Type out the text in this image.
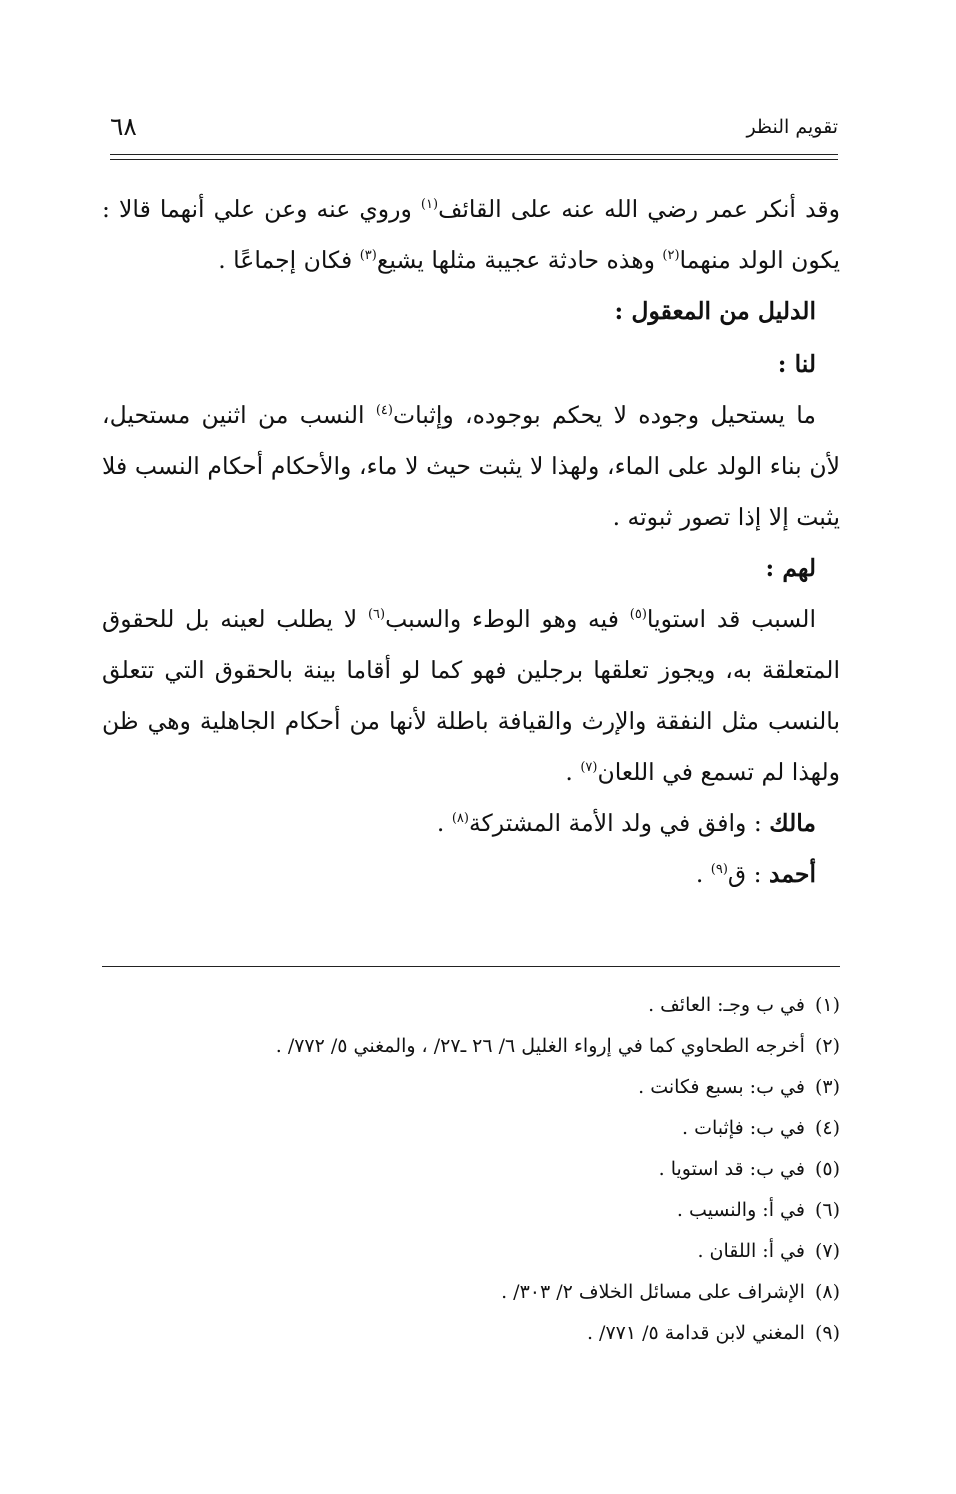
تقويم النظر
٦٨

وقد أنكر عمر رضي الله عنه على القائف$^{(١)}$ وروي عنه وعن علي أنهما قالا : يكون الولد منهما$^{(٢)}$ وهذه حادثة عجيبة مثلها يشيع$^{(٣)}$ فكان إجماعًا .

الدليل من المعقول :

لنا :

ما يستحيل وجوده لا يحكم بوجوده، وإثبات$^{(٤)}$ النسب من اثنين مستحيل، لأن بناء الولد على الماء، ولهذا لا يثبت حيث لا ماء، والأحكام أحكام النسب فلا يثبت إلا إذا تصور ثبوته .

لهم :

السبب قد استويا$^{(٥)}$ فيه وهو الوطء والسبب$^{(٦)}$ لا يطلب لعينه بل للحقوق المتعلقة به، ويجوز تعلقها برجلين فهو كما لو أقاما بينة بالحقوق التي تتعلق بالنسب مثل النفقة والإرث والقيافة باطلة لأنها من أحكام الجاهلية وهي ظن ولهذا لم تسمع في اللعان$^{(٧)}$ .

مالك : وافق في ولد الأمة المشتركة$^{(٨)}$ .

أحمد : ق$^{(٩)}$ .

(١)في ب وجـ: العائف .
(٢)أخرجه الطحاوي كما في إرواء الغليل ٦/ ٢٦ ـ٢٧/ ، والمغني ٥/ ٧٧٢/ .
(٣)في ب: بسبع فكانت .
(٤)في ب: فإثبات .
(٥)في ب: قد استويا .
(٦)في أ: والنسيب .
(٧)في أ: اللقان .
(٨)الإشراف على مسائل الخلاف ٢/ ٣٠٣/ .
(٩)المغني لابن قدامة ٥/ ٧٧١/ .
